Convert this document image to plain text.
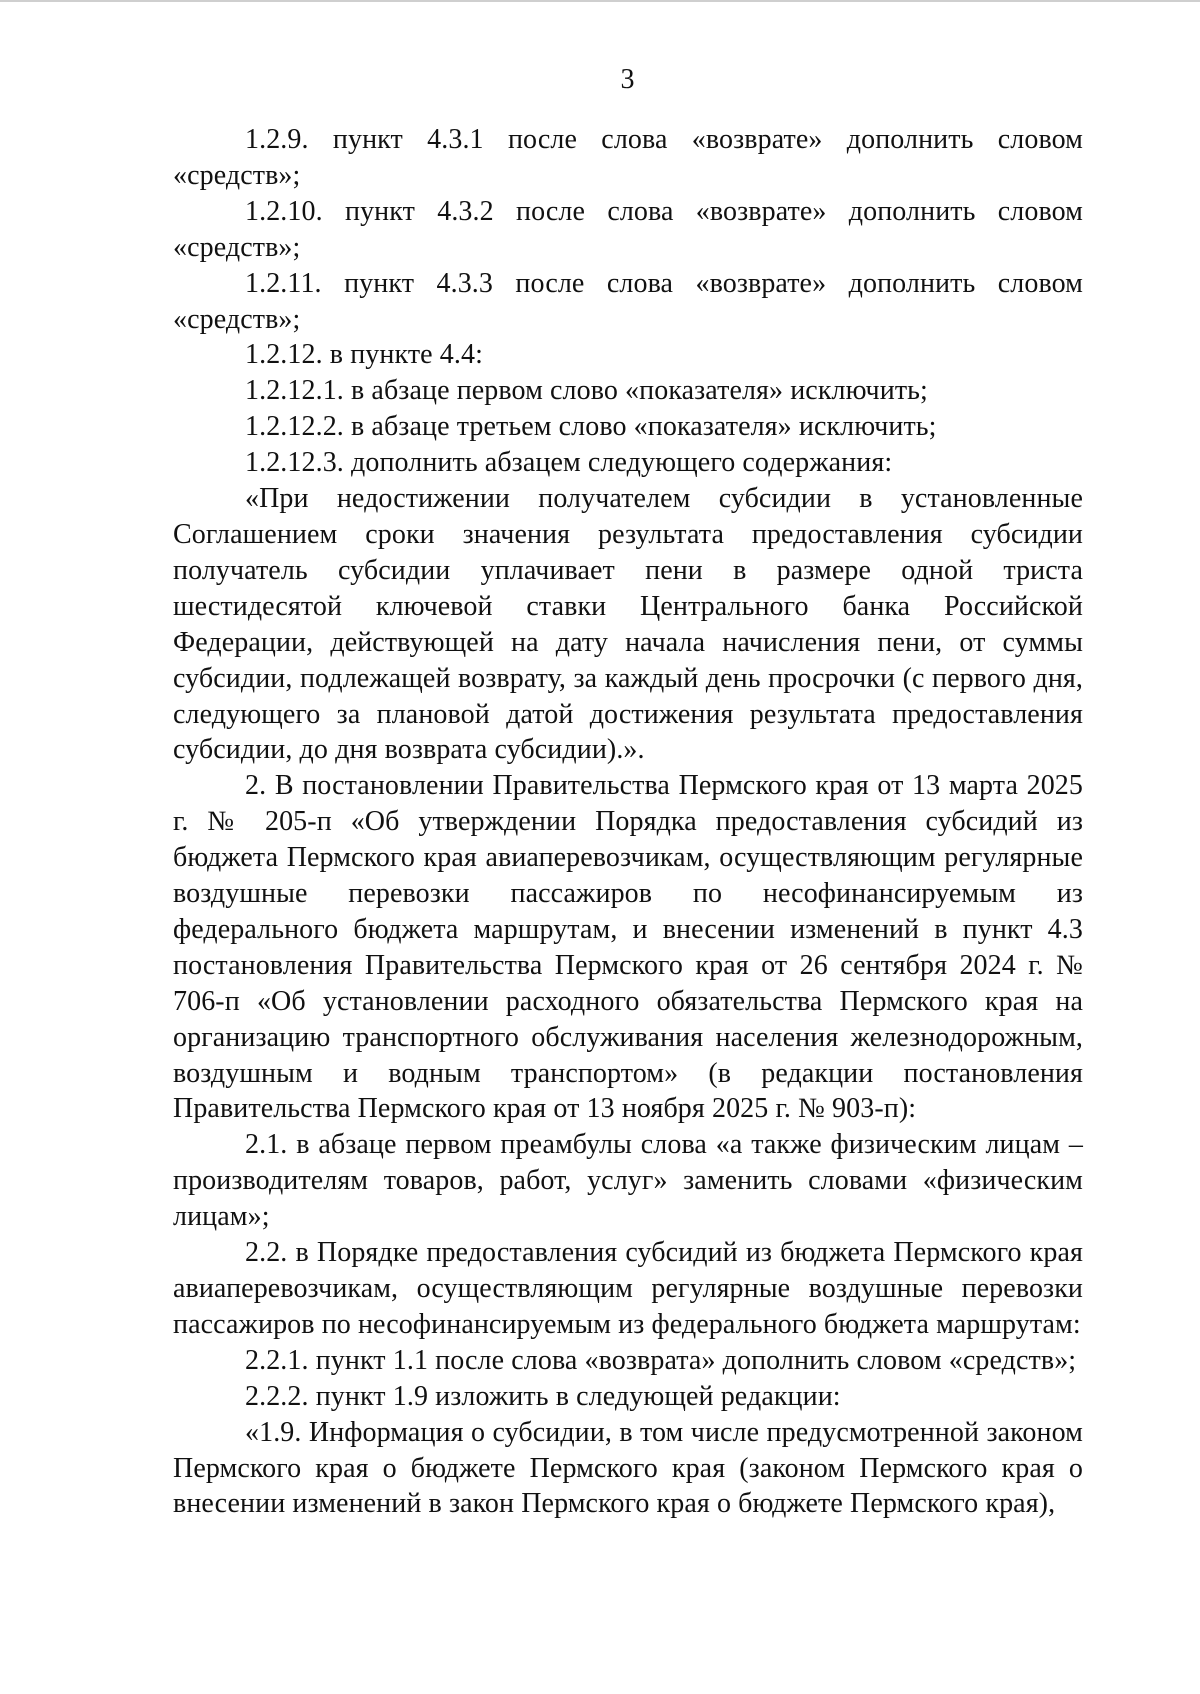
3

1.2.9. пункт 4.3.1 после слова «возврате» дополнить словом «средств»;

1.2.10. пункт 4.3.2 после слова «возврате» дополнить словом «средств»;

1.2.11. пункт 4.3.3 после слова «возврате» дополнить словом «средств»;

1.2.12. в пункте 4.4:

1.2.12.1. в абзаце первом слово «показателя» исключить;

1.2.12.2. в абзаце третьем слово «показателя» исключить;

1.2.12.3. дополнить абзацем следующего содержания:

«При недостижении получателем субсидии в установленные Соглашением сроки значения результата предоставления субсидии получатель субсидии уплачивает пени в размере одной триста шестидесятой ключевой ставки Центрального банка Российской Федерации, действующей на дату начала начисления пени, от суммы субсидии, подлежащей возврату, за каждый день просрочки (с первого дня, следующего за плановой датой достижения результата предоставления субсидии, до дня возврата субсидии).».

2. В постановлении Правительства Пермского края от 13 марта 2025 г. № 205-п «Об утверждении Порядка предоставления субсидий из бюджета Пермского края авиаперевозчикам, осуществляющим регулярные воздушные перевозки пассажиров по несофинансируемым из федерального бюджета маршрутам, и внесении изменений в пункт 4.3 постановления Правительства Пермского края от 26 сентября 2024 г. № 706-п «Об установлении расходного обязательства Пермского края на организацию транспортного обслуживания населения железнодорожным, воздушным и водным транспортом» (в редакции постановления Правительства Пермского края от 13 ноября 2025 г. № 903-п):

2.1. в абзаце первом преамбулы слова «а также физическим лицам – производителям товаров, работ, услуг» заменить словами «физическим лицам»;

2.2. в Порядке предоставления субсидий из бюджета Пермского края авиаперевозчикам, осуществляющим регулярные воздушные перевозки пассажиров по несофинансируемым из федерального бюджета маршрутам:

2.2.1. пункт 1.1 после слова «возврата» дополнить словом «средств»;

2.2.2. пункт 1.9 изложить в следующей редакции:

«1.9. Информация о субсидии, в том числе предусмотренной законом Пермского края о бюджете Пермского края (законом Пермского края о внесении изменений в закон Пермского края о бюджете Пермского края),
